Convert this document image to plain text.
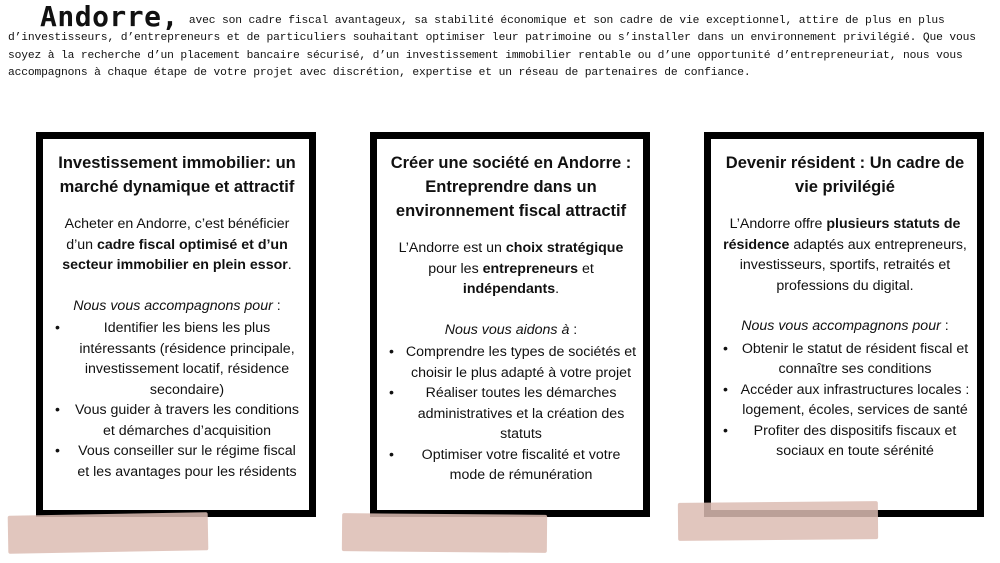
Andorre, avec son cadre fiscal avantageux, sa stabilité économique et son cadre de vie exceptionnel, attire de plus en plus d’investisseurs, d’entrepreneurs et de particuliers souhaitant optimiser leur patrimoine ou s’installer dans un environnement privilégié. Que vous soyez à la recherche d’un placement bancaire sécurisé, d’un investissement immobilier rentable ou d’une opportunité d’entrepreneuriat, nous vous accompagnons à chaque étape de votre projet avec discrétion, expertise et un réseau de partenaires de confiance.
Investissement immobilier: un marché dynamique et attractif

Acheter en Andorre, c’est bénéficier d’un cadre fiscal optimisé et d’un secteur immobilier en plein essor.

Nous vous accompagnons pour :

• Identifier les biens les plus intéressants (résidence principale, investissement locatif, résidence secondaire)
• Vous guider à travers les conditions et démarches d’acquisition
• Vous conseiller sur le régime fiscal et les avantages pour les résidents
Créer une société en Andorre : Entreprendre dans un environnement fiscal attractif

L’Andorre est un choix stratégique pour les entrepreneurs et indépendants.

Nous vous aidons à :

• Comprendre les types de sociétés et choisir le plus adapté à votre projet
• Réaliser toutes les démarches administratives et la création des statuts
• Optimiser votre fiscalité et votre mode de rémunération
Devenir résident : Un cadre de vie privilégié

L’Andorre offre plusieurs statuts de résidence adaptés aux entrepreneurs, investisseurs, sportifs, retraités et professions du digital.

Nous vous accompagnons pour :

• Obtenir le statut de résident fiscal et connaître ses conditions
• Accéder aux infrastructures locales : logement, écoles, services de santé
• Profiter des dispositifs fiscaux et sociaux en toute sérénité
